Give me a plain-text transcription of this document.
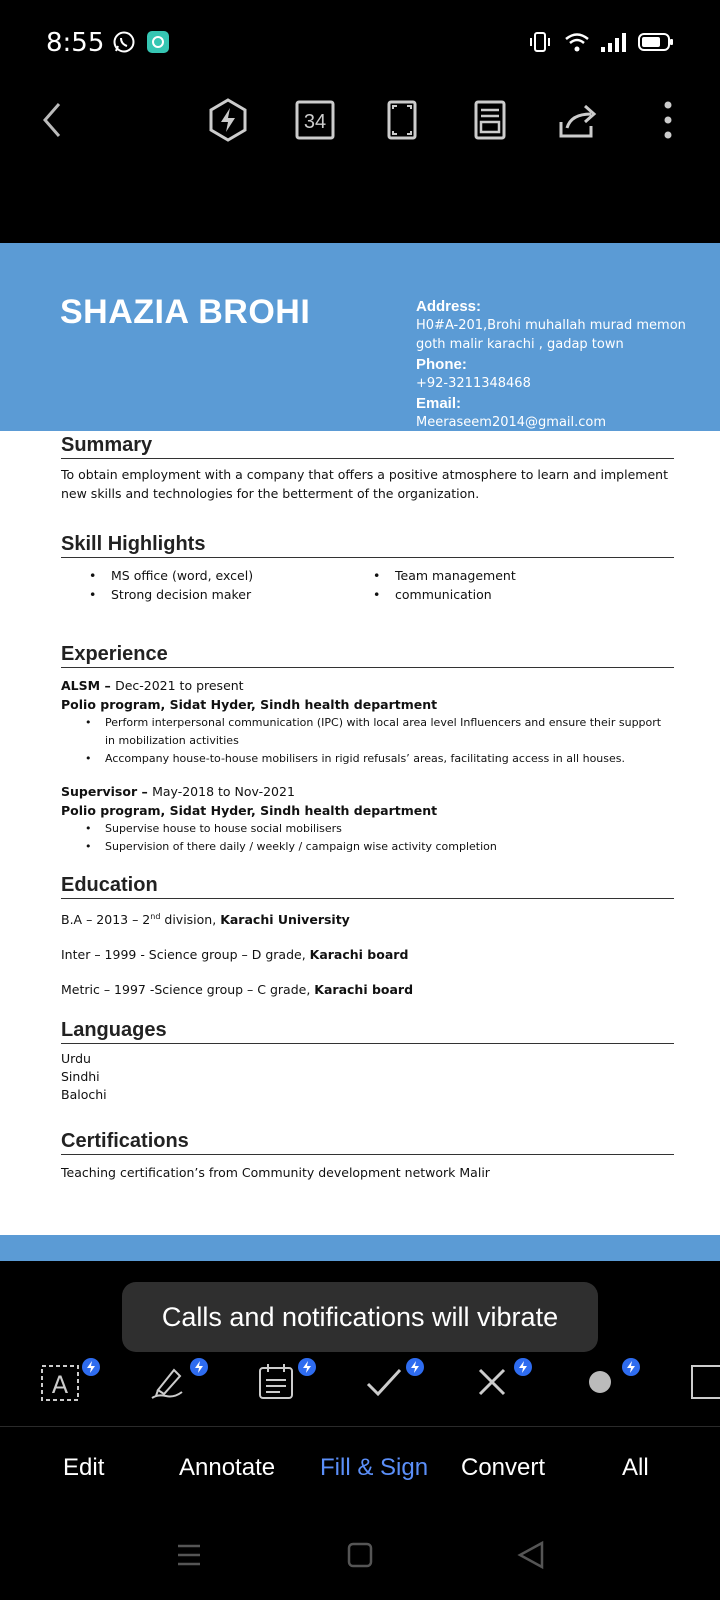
8:55
34
SHAZIA BROHI	Address:
H0#A-201,Brohi muhallah murad memon goth malir karachi , gadap town
Phone:
+92-3211348468
Email:
Meeraseem2014@gmail.com
Summary
To obtain employment with a company that offers a positive atmosphere to learn and implement new skills and technologies for the betterment of the organization.
Skill Highlights
• MS office (word, excel)
• Strong decision maker
• Team management
• communication
Experience
ALSM – Dec-2021 to present
Polio program, Sidat Hyder, Sindh health department
• Perform interpersonal communication (IPC) with local area level Influencers and ensure their support in mobilization activities
• Accompany house-to-house mobilisers in rigid refusals’ areas, facilitating access in all houses.
Supervisor – May-2018 to Nov-2021
Polio program, Sidat Hyder, Sindh health department
• Supervise house to house social mobilisers
• Supervision of there daily / weekly / campaign wise activity completion
Education
B.A – 2013 – 2nd division, Karachi University
Inter – 1999 - Science group – D grade, Karachi board
Metric – 1997 -Science group – C grade, Karachi board
Languages
Urdu
Sindhi
Balochi
Certifications
Teaching certification’s from Community development network Malir
A
Calls and notifications will vibrate
Edit	Annotate Fill & Sign Convert	All
